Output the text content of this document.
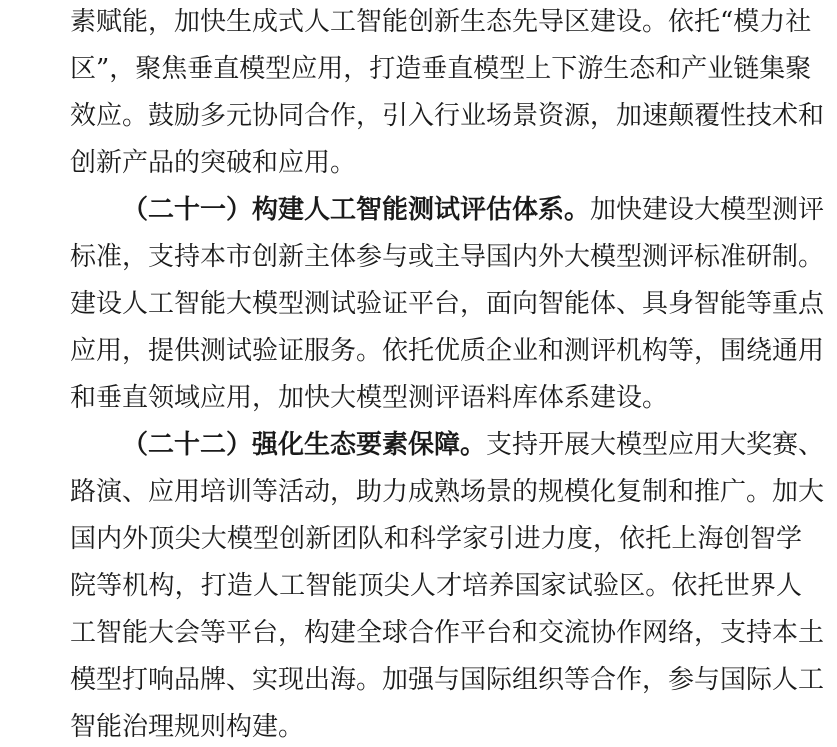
素赋能，加快生成式人工智能创新生态先导区建设。依托“模力社
区”，聚焦垂直模型应用，打造垂直模型上下游生态和产业链集聚
效应。鼓励多元协同合作，引入行业场景资源，加速颠覆性技术和
创新产品的突破和应用。
（二十一）构建人工智能测试评估体系。加快建设大模型测评
标准，支持本市创新主体参与或主导国内外大模型测评标准研制。
建设人工智能大模型测试验证平台，面向智能体、具身智能等重点
应用，提供测试验证服务。依托优质企业和测评机构等，围绕通用
和垂直领域应用，加快大模型测评语料库体系建设。
（二十二）强化生态要素保障。支持开展大模型应用大奖赛、
路演、应用培训等活动，助力成熟场景的规模化复制和推广。加大
国内外顶尖大模型创新团队和科学家引进力度，依托上海创智学
院等机构，打造人工智能顶尖人才培养国家试验区。依托世界人
工智能大会等平台，构建全球合作平台和交流协作网络，支持本土
模型打响品牌、实现出海。加强与国际组织等合作，参与国际人工
智能治理规则构建。
